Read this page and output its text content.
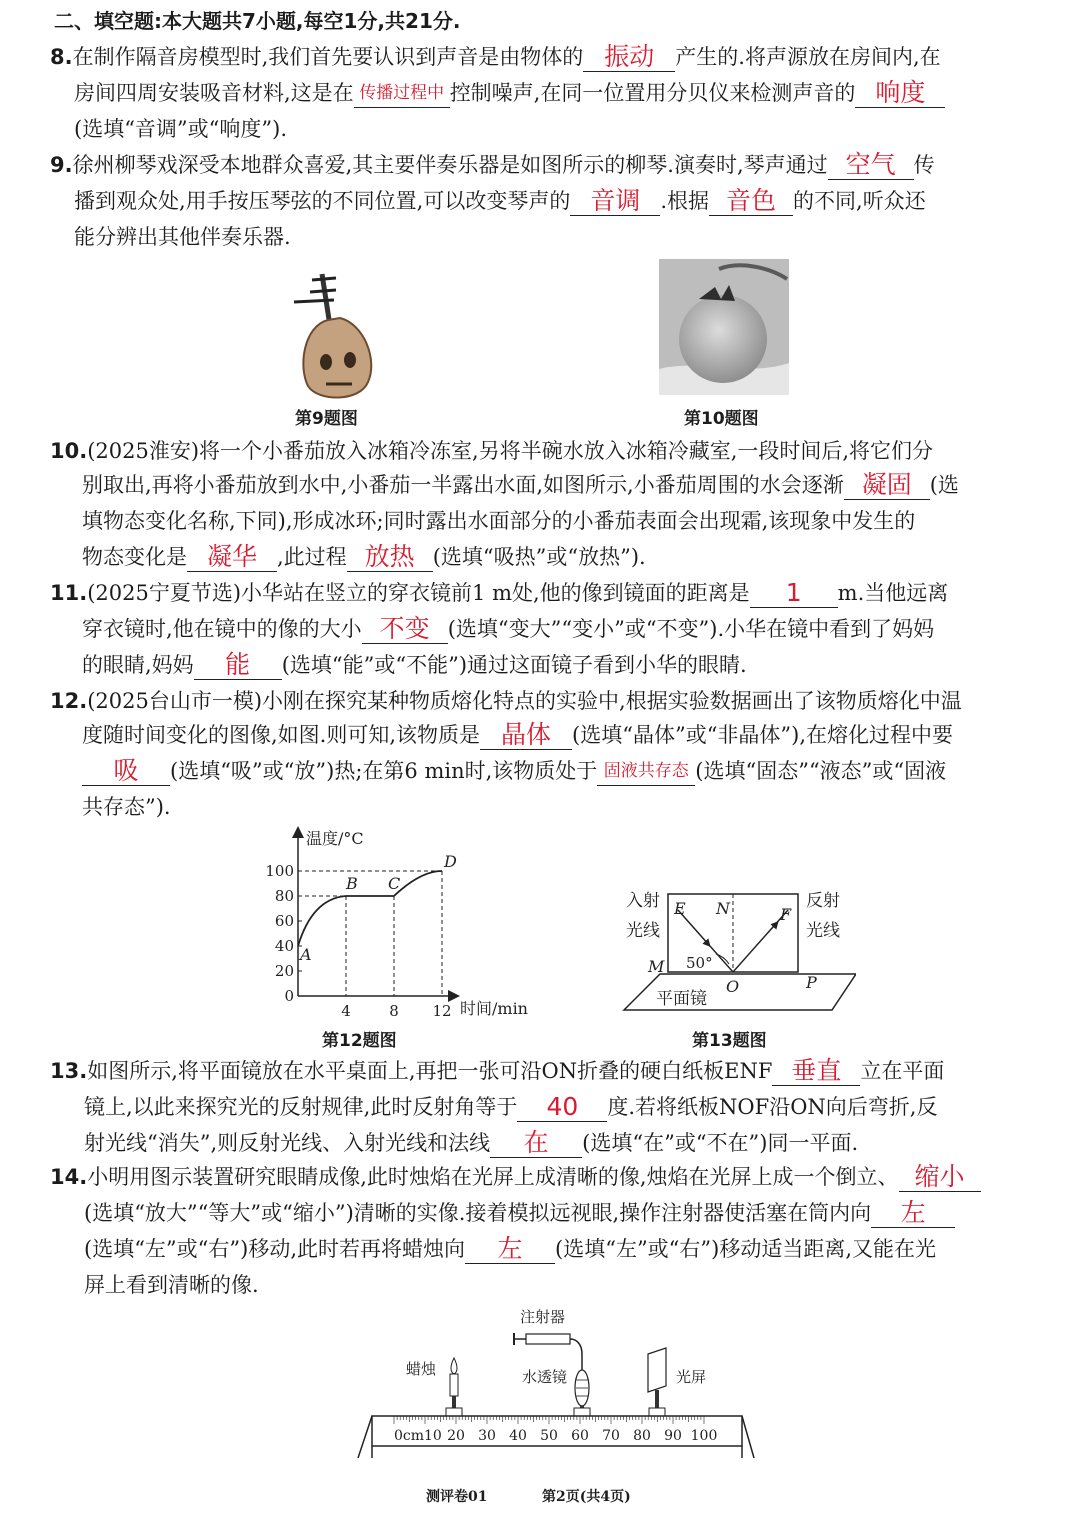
二、填空题:本大题共7小题,每空1分,共21分.
8.在制作隔音房模型时,我们首先要认识到声音是由物体的 振动 产生的.将声源放在房间内,在
房间四周安装吸音材料,这是在 传播过程中 控制噪声,在同一位置用分贝仪来检测声音的 响度
(选填“音调”或“响度”).
9.徐州柳琴戏深受本地群众喜爱,其主要伴奏乐器是如图所示的柳琴.演奏时,琴声通过 空气 传
播到观众处,用手按压琴弦的不同位置,可以改变琴声的 音调 .根据 音色 的不同,听众还
能分辨出其他伴奏乐器.
第9题图	第10题图
10.(2025淮安)将一个小番茄放入冰箱冷冻室,另将半碗水放入冰箱冷藏室,一段时间后,将它们分
别取出,再将小番茄放到水中,小番茄一半露出水面,如图所示,小番茄周围的水会逐渐 凝固 (选
填物态变化名称,下同),形成冰环;同时露出水面部分的小番茄表面会出现霜,该现象中发生的
物态变化是 凝华 ,此过程 放热 (选填“吸热”或“放热”).
11.(2025宁夏节选)小华站在竖立的穿衣镜前1 m处,他的像到镜面的距离是 1 m.当他远离
穿衣镜时,他在镜中的像的大小 不变 (选填“变大”“变小”或“不变”).小华在镜中看到了妈妈
的眼睛,妈妈 能 (选填“能”或“不能”)通过这面镜子看到小华的眼睛.
12.(2025台山市一模)小刚在探究某种物质熔化特点的实验中,根据实验数据画出了该物质熔化中温
度随时间变化的图像,如图.则可知,该物质是 晶体 (选填“晶体”或“非晶体”),在熔化过程中要
吸 (选填“吸”或“放”)热;在第6 min时,该物质处于 固液共存态 (选填“固态”“液态”或“固液
共存态”).
温度/°C
时间/min
0
20
40
60
80
100
4	8 12
A
B C
D
第12题图
入射
光线
反射
光线
E N	F
M 50°
O	P
平面镜
第13题图
13.如图所示,将平面镜放在水平桌面上,再把一张可沿ON折叠的硬白纸板ENF 垂直 立在平面
镜上,以此来探究光的反射规律,此时反射角等于 40 度.若将纸板NOF沿ON向后弯折,反
射光线“消失”,则反射光线、入射光线和法线 在 (选填“在”或“不在”)同一平面.
14.小明用图示装置研究眼睛成像,此时烛焰在光屏上成清晰的像,烛焰在光屏上成一个倒立、 缩小
(选填“放大”“等大”或“缩小”)清晰的实像.接着模拟远视眼,操作注射器使活塞在筒内向 左
(选填“左”或“右”)移动,此时若再将蜡烛向 左 (选填“左”或“右”)移动适当距离,又能在光
屏上看到清晰的像.
注射器
蜡烛	水透镜	光屏
0cm10 20 30 40 50 60 70 80 90 100
测评卷01	第2页(共4页)
